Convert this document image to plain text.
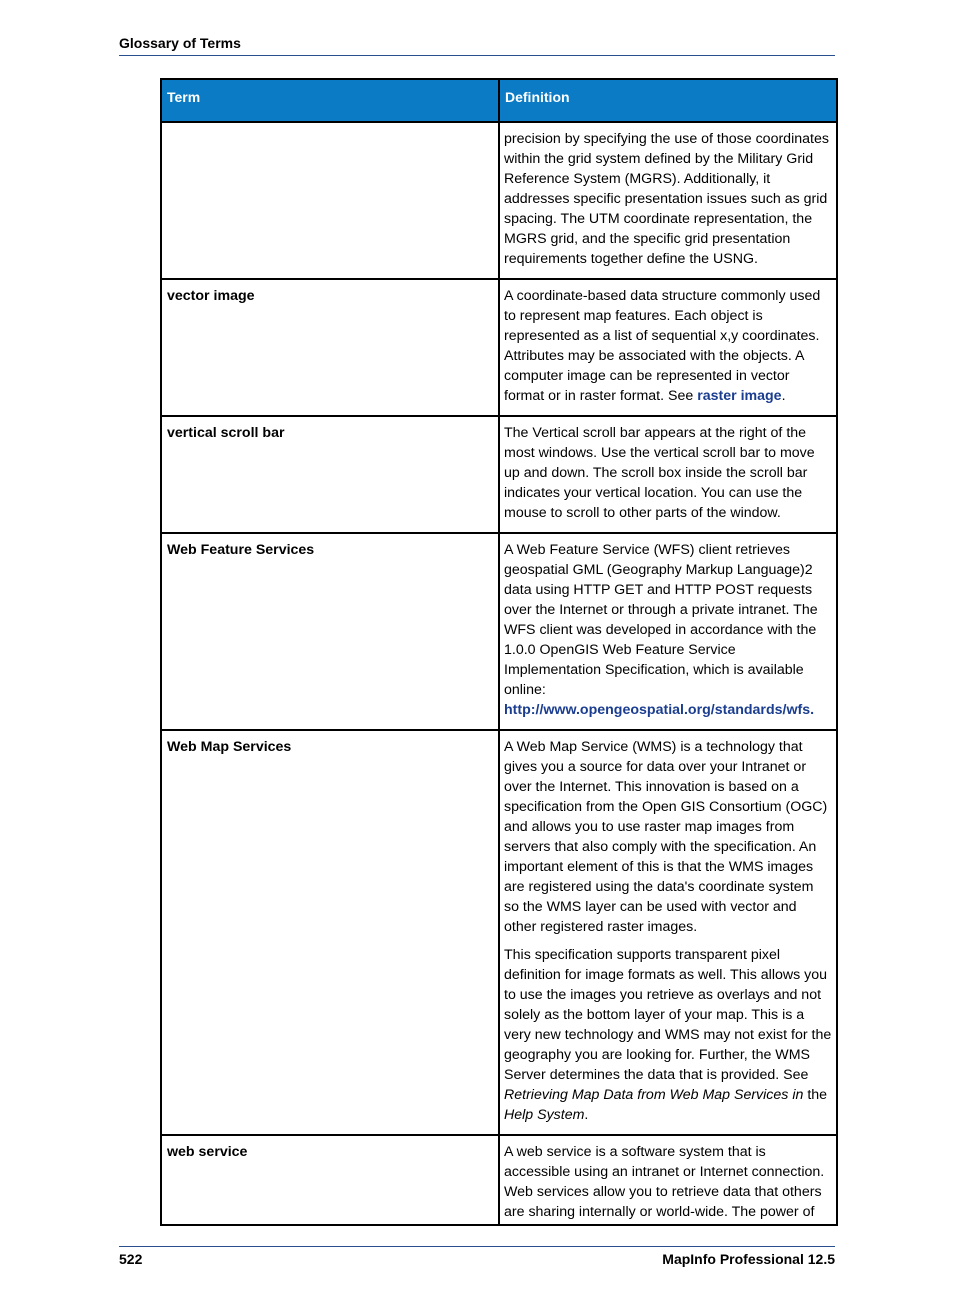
Glossary of Terms
Term	Definition

	precision by specifying the use of those coordinates within the grid system defined by the Military Grid Reference System (MGRS). Additionally, it addresses specific presentation issues such as grid spacing. The UTM coordinate representation, the MGRS grid, and the specific grid presentation requirements together define the USNG.

vector image	A coordinate-based data structure commonly used to represent map features. Each object is represented as a list of sequential x,y coordinates. Attributes may be associated with the objects. A computer image can be represented in vector format or in raster format. See raster image.

vertical scroll bar	The Vertical scroll bar appears at the right of the most windows. Use the vertical scroll bar to move up and down. The scroll box inside the scroll bar indicates your vertical location. You can use the mouse to scroll to other parts of the window.

Web Feature Services	A Web Feature Service (WFS) client retrieves geospatial GML (Geography Markup Language)2 data using HTTP GET and HTTP POST requests over the Internet or through a private intranet. The WFS client was developed in accordance with the 1.0.0 OpenGIS Web Feature Service Implementation Specification, which is available online:

http://www.opengeospatial.org/standards/wfs.

Web Map Services	A Web Map Service (WMS) is a technology that gives you a source for data over your Intranet or over the Internet. This innovation is based on a specification from the Open GIS Consortium (OGC) and allows you to use raster map images from servers that also comply with the specification. An important element of this is that the WMS images are registered using the data's coordinate system so the WMS layer can be used with vector and other registered raster images.

This specification supports transparent pixel definition for image formats as well. This allows you to use the images you retrieve as overlays and not solely as the bottom layer of your map. This is a very new technology and WMS may not exist for the geography you are looking for. Further, the WMS Server determines the data that is provided. See Retrieving Map Data from Web Map Services in the Help System.

web service	A web service is a software system that is accessible using an intranet or Internet connection. Web services allow you to retrieve data that others are sharing internally or world-wide. The power of

522	MapInfo Professional 12.5
